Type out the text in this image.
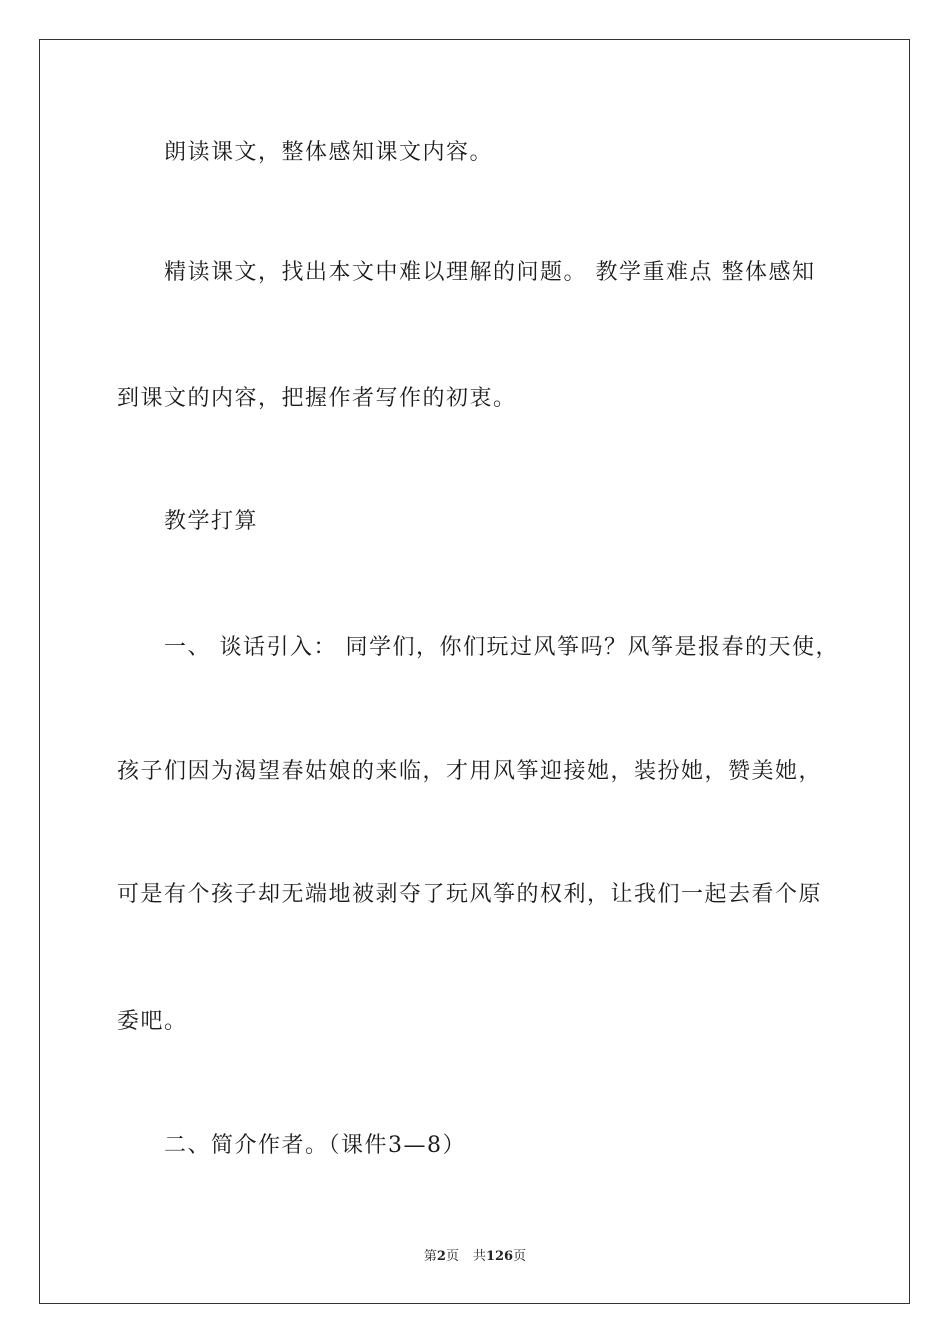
朗读课文，整体感知课文内容。
精读课文，找出本文中难以理解的问题。 教学重难点 整体感知
到课文的内容，把握作者写作的初衷。
教学打算
一、 谈话引入： 同学们，你们玩过风筝吗？风筝是报春的天使，
孩子们因为渴望春姑娘的来临，才用风筝迎接她，装扮她，赞美她，
可是有个孩子却无端地被剥夺了玩风筝的权利，让我们一起去看个原
委吧。
二、简介作者。（课件3—8）
第2页 共126页
